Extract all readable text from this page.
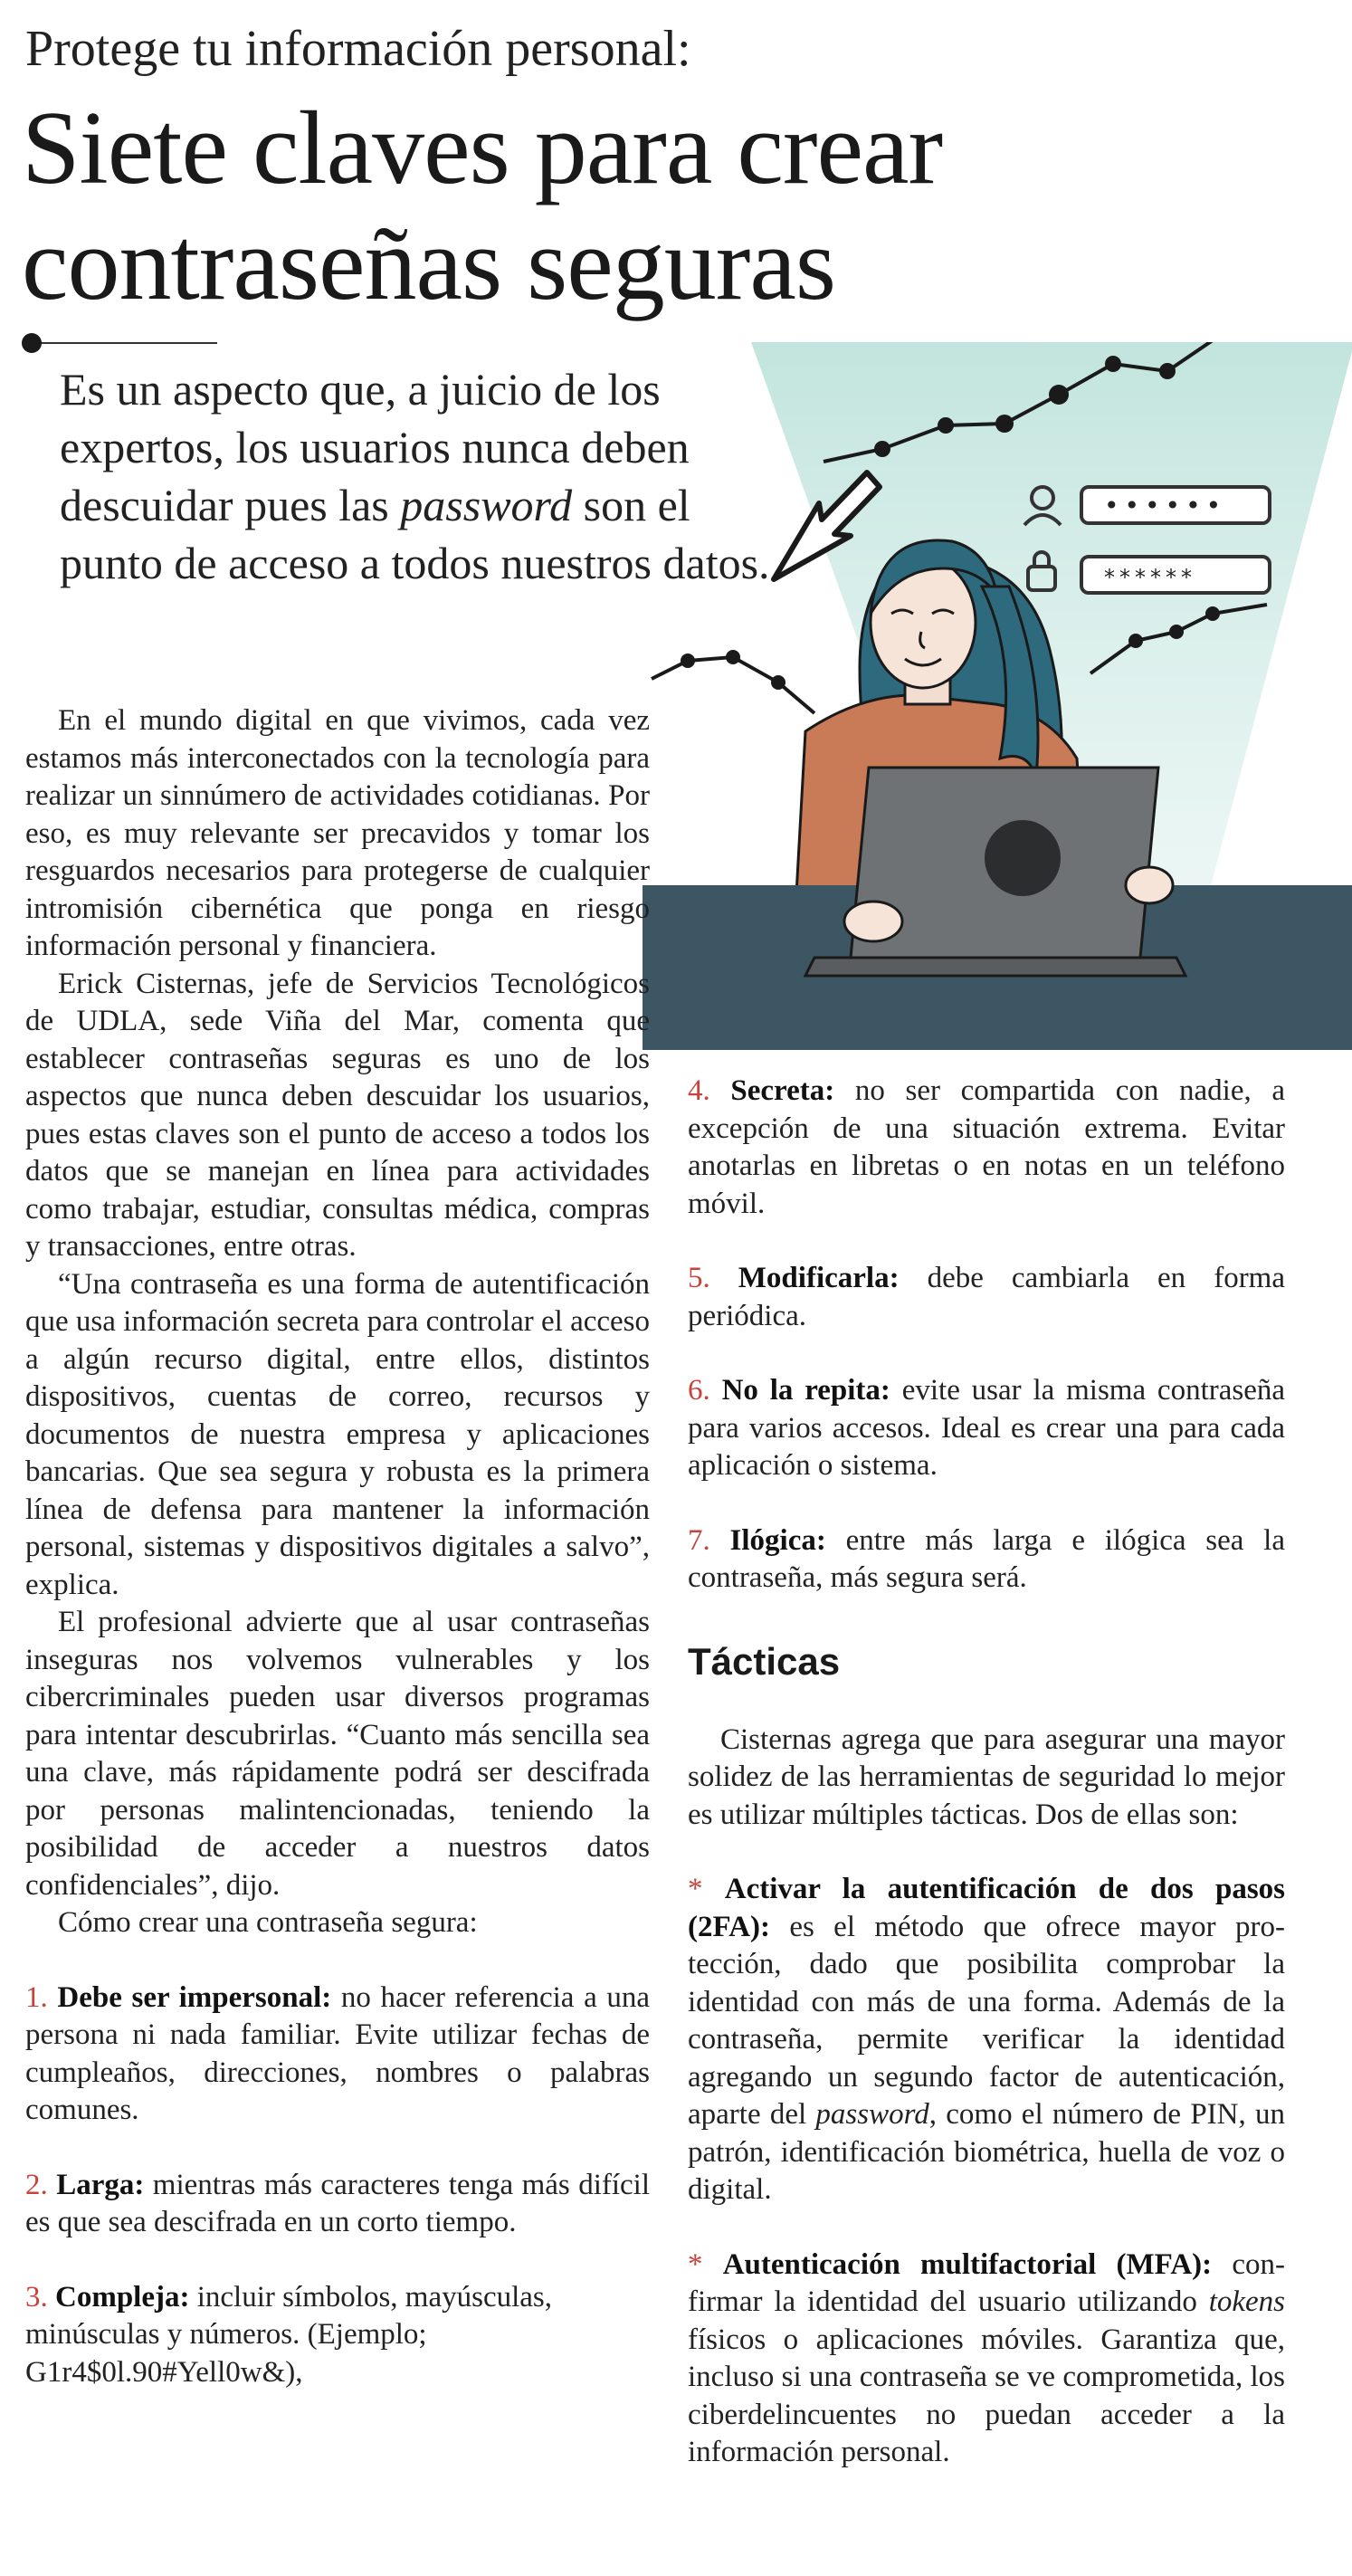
Protege tu información personal:
Siete claves para crear
contraseñas seguras
••••••
******
Es un aspecto que, a juicio de los expertos, los usuarios nunca deben descuidar pues las password son el punto de acceso a todos nuestros datos.

En el mundo digital en que vivimos, cada vez estamos más interconectados con la tecnología para realizar un sinnúmero de actividades cotidianas. Por eso, es muy relevante ser precavidos y tomar los resguardos necesarios para protegerse de cualquier intromisión cibernética que ponga en riesgo información personal y financiera.

Erick Cisternas, jefe de Servicios Tecnológicos de UDLA, sede Viña del Mar, comenta que establecer contraseñas seguras es uno de los aspectos que nunca deben descuidar los usuarios, pues estas claves son el punto de acceso a todos los datos que se manejan en línea para actividades como trabajar, estudiar, consultas médica, compras y transacciones, entre otras.

“Una contraseña es una forma de autentificación que usa información secreta para controlar el acceso a algún recurso digital, entre ellos, distintos dispositivos, cuentas de correo, recursos y documentos de nuestra empresa y aplicaciones bancarias. Que sea segura y robusta es la primera línea de defensa para mantener la información personal, sistemas y dispositivos digitales a salvo”, explica.

El profesional advierte que al usar contraseñas inseguras nos volvemos vulnerables y los cibercriminales pueden usar diversos programas para intentar descubrirlas. “Cuanto más sencilla sea una clave, más rápidamente podrá ser descifrada por personas malintencionadas, teniendo la posibilidad de acceder a nuestros datos confidenciales”, dijo.

Cómo crear una contraseña segura:

1. Debe ser impersonal: no hacer referencia a una persona ni nada familiar. Evite utilizar fechas de cumpleaños, direcciones, nombres o palabras comunes.
2. Larga: mientras más caracteres tenga más difícil es que sea descifrada en un corto tiempo.
3. Compleja: incluir símbolos, mayúsculas, minúsculas y números. (Ejemplo; G1r4$0l.90#Yell0w&),
4. Secreta: no ser compartida con nadie, a excepción de una situación extrema. Evitar anotarlas en libretas o en notas en un teléfono móvil.
5. Modificarla: debe cambiarla en forma periódica.
6. No la repita: evite usar la misma contraseña para varios accesos. Ideal es crear una para cada aplicación o sistema.
7. Ilógica: entre más larga e ilógica sea la contraseña, más segura será.
Tácticas

Cisternas agrega que para asegurar una mayor solidez de las herramientas de seguridad lo mejor es utilizar múltiples tácticas. Dos de ellas son:

* Activar la autentificación de dos pasos (2FA): es el método que ofrece mayor protección, dado que posibilita comprobar la identidad con más de una forma. Además de la contraseña, permite verificar la identidad agregando un segundo factor de autenticación, aparte del password, como el número de PIN, un patrón, identificación biométrica, huella de voz o digital.
* Autenticación multifactorial (MFA): confirmar la identidad del usuario utilizando tokens físicos o aplicaciones móviles. Garantiza que, incluso si una contraseña se ve comprometida, los ciberdelincuentes no puedan acceder a la información personal.
